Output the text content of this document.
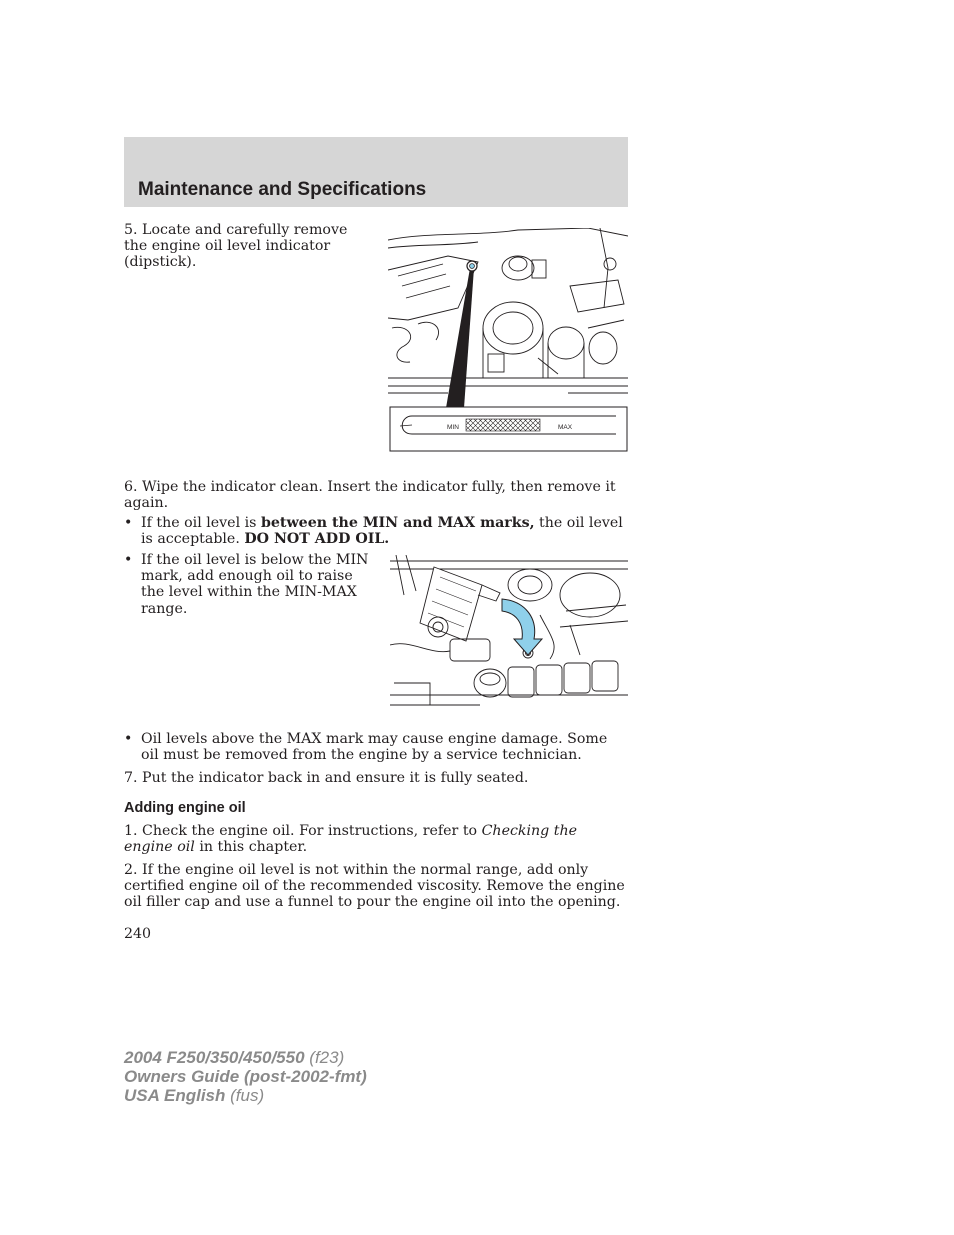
Maintenance and Specifications

5. Locate and carefully remove the engine oil level indicator (dipstick).

MIN	MAX

6. Wipe the indicator clean. Insert the indicator fully, then remove it again.

• If the oil level is between the MIN and MAX marks, the oil level is acceptable. DO NOT ADD OIL.

• If the oil level is below the MIN mark, add enough oil to raise the level within the MIN-MAX range.

• Oil levels above the MAX mark may cause engine damage. Some oil must be removed from the engine by a service technician.

7. Put the indicator back in and ensure it is fully seated.

Adding engine oil

1. Check the engine oil. For instructions, refer to Checking the engine oil in this chapter.

2. If the engine oil level is not within the normal range, add only certified engine oil of the recommended viscosity. Remove the engine oil filler cap and use a funnel to pour the engine oil into the opening.

240
2004 F250/350/450/550 (f23)
Owners Guide (post-2002-fmt)
USA English (fus)
